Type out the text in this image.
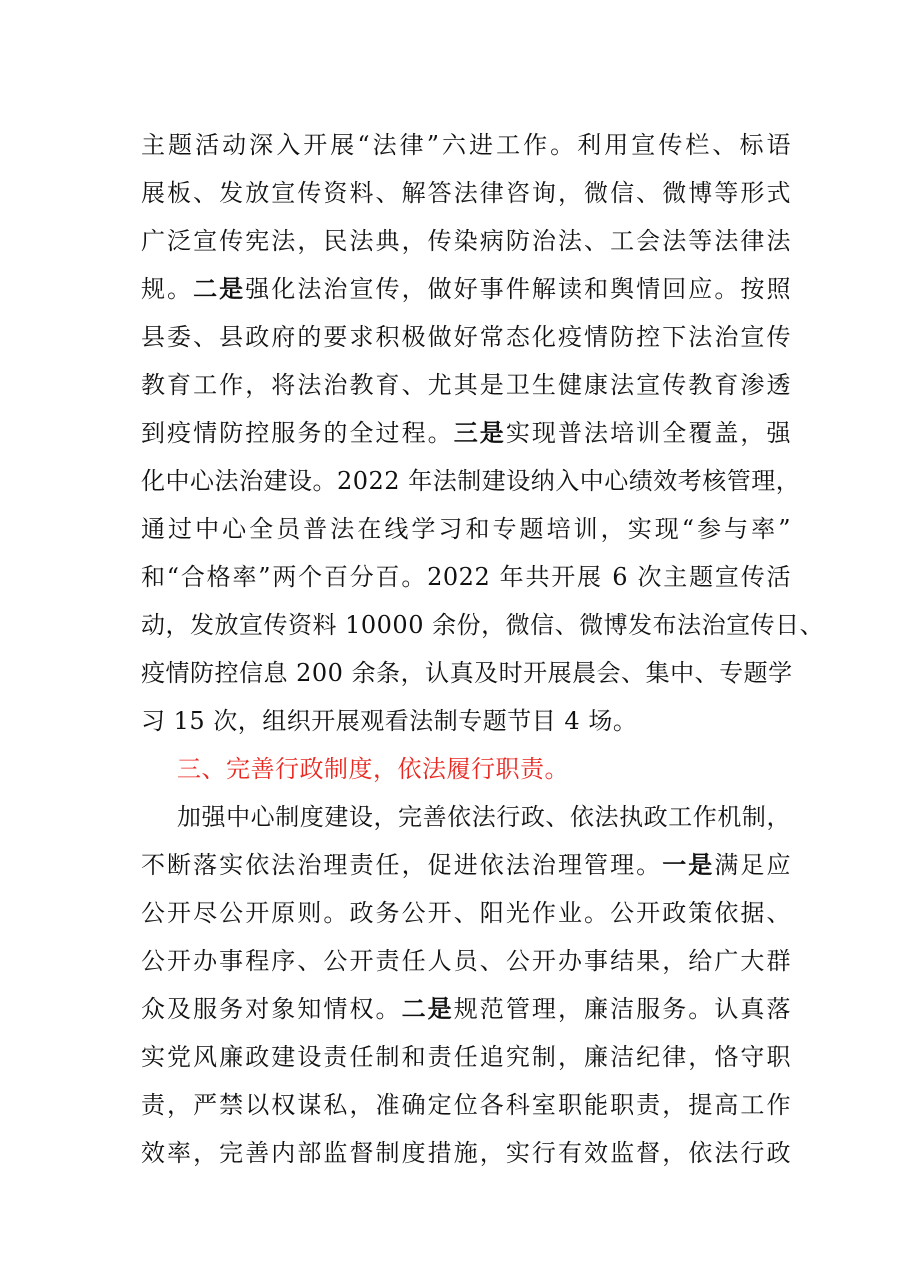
主题活动深入开展“法律”六进工作。利用宣传栏、标语
展板、发放宣传资料、解答法律咨询，微信、微博等形式
广泛宣传宪法，民法典，传染病防治法、工会法等法律法
规。二是强化法治宣传，做好事件解读和舆情回应。按照
县委、县政府的要求积极做好常态化疫情防控下法治宣传
教育工作，将法治教育、尤其是卫生健康法宣传教育渗透
到疫情防控服务的全过程。三是实现普法培训全覆盖，强
化中心法治建设。2022 年法制建设纳入中心绩效考核管理，
通过中心全员普法在线学习和专题培训，实现“参与率”
和“合格率”两个百分百。2022 年共开展 6 次主题宣传活
动，发放宣传资料 10000 余份，微信、微博发布法治宣传日、
疫情防控信息 200 余条，认真及时开展晨会、集中、专题学
习 15 次，组织开展观看法制专题节目 4 场。
三、完善行政制度，依法履行职责。
加强中心制度建设，完善依法行政、依法执政工作机制，
不断落实依法治理责任，促进依法治理管理。一是满足应
公开尽公开原则。政务公开、阳光作业。公开政策依据、
公开办事程序、公开责任人员、公开办事结果，给广大群
众及服务对象知情权。二是规范管理，廉洁服务。认真落
实党风廉政建设责任制和责任追究制，廉洁纪律，恪守职
责，严禁以权谋私，准确定位各科室职能职责，提高工作
效率，完善内部监督制度措施，实行有效监督，依法行政
